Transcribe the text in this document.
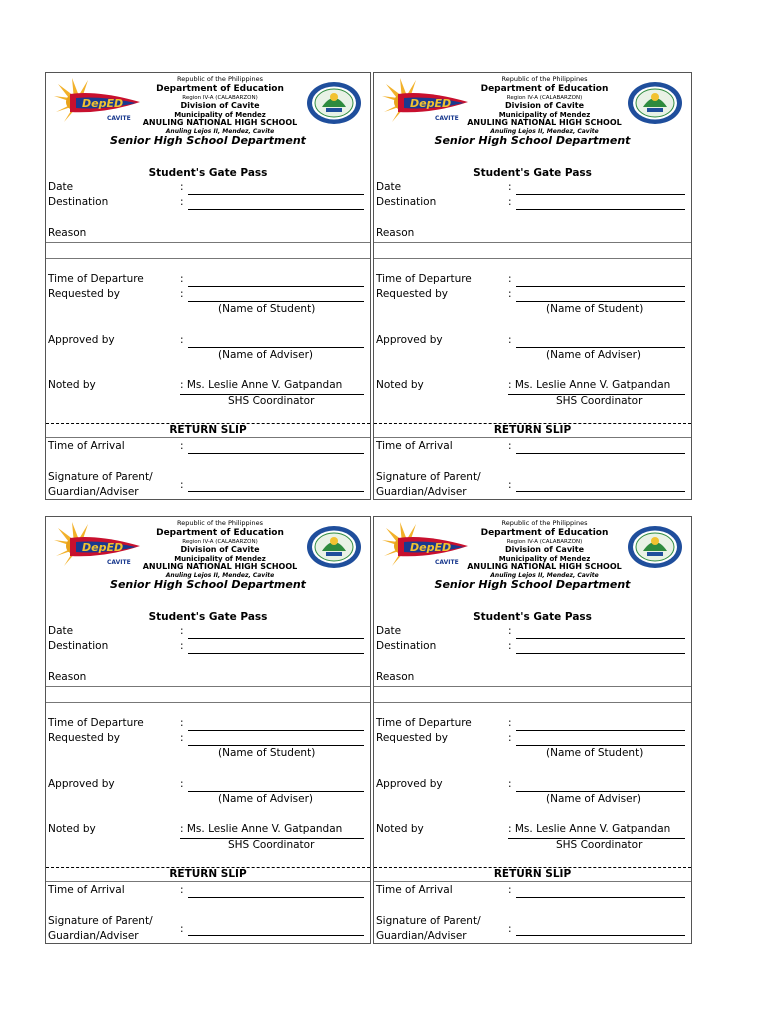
DepED
CAVITE
Republic of the Philippines
Department of Education
Region IV-A (CALABARZON)
Division of Cavite
Municipality of Mendez
ANULING NATIONAL HIGH SCHOOL
Anuling Lejos II, Mendez, Cavite
Senior High School Department
Student's Gate Pass
Date	:
Destination	:
Reason
Time of Departure	:
Requested by	:
(Name of Student)
Approved by	:
(Name of Adviser)
Noted by	: Ms. Leslie Anne V. Gatpandan
SHS Coordinator
RETURN SLIP
Time of Arrival	:
Signature of Parent/
Guardian/Adviser
:
DepED
CAVITE
Republic of the Philippines
Department of Education
Region IV-A (CALABARZON)
Division of Cavite
Municipality of Mendez
ANULING NATIONAL HIGH SCHOOL
Anuling Lejos II, Mendez, Cavite
Senior High School Department
Student's Gate Pass
Date	:
Destination	:
Reason
Time of Departure	:
Requested by	:
(Name of Student)
Approved by	:
(Name of Adviser)
Noted by	: Ms. Leslie Anne V. Gatpandan
SHS Coordinator
RETURN SLIP
Time of Arrival	:
Signature of Parent/
Guardian/Adviser
:
DepED
CAVITE
Republic of the Philippines
Department of Education
Region IV-A (CALABARZON)
Division of Cavite
Municipality of Mendez
ANULING NATIONAL HIGH SCHOOL
Anuling Lejos II, Mendez, Cavite
Senior High School Department
Student's Gate Pass
Date	:
Destination	:
Reason
Time of Departure	:
Requested by	:
(Name of Student)
Approved by	:
(Name of Adviser)
Noted by	: Ms. Leslie Anne V. Gatpandan
SHS Coordinator
RETURN SLIP
Time of Arrival	:
Signature of Parent/
Guardian/Adviser
:
DepED
CAVITE
Republic of the Philippines
Department of Education
Region IV-A (CALABARZON)
Division of Cavite
Municipality of Mendez
ANULING NATIONAL HIGH SCHOOL
Anuling Lejos II, Mendez, Cavite
Senior High School Department
Student's Gate Pass
Date	:
Destination	:
Reason
Time of Departure	:
Requested by	:
(Name of Student)
Approved by	:
(Name of Adviser)
Noted by	: Ms. Leslie Anne V. Gatpandan
SHS Coordinator
RETURN SLIP
Time of Arrival	:
Signature of Parent/
Guardian/Adviser
:
